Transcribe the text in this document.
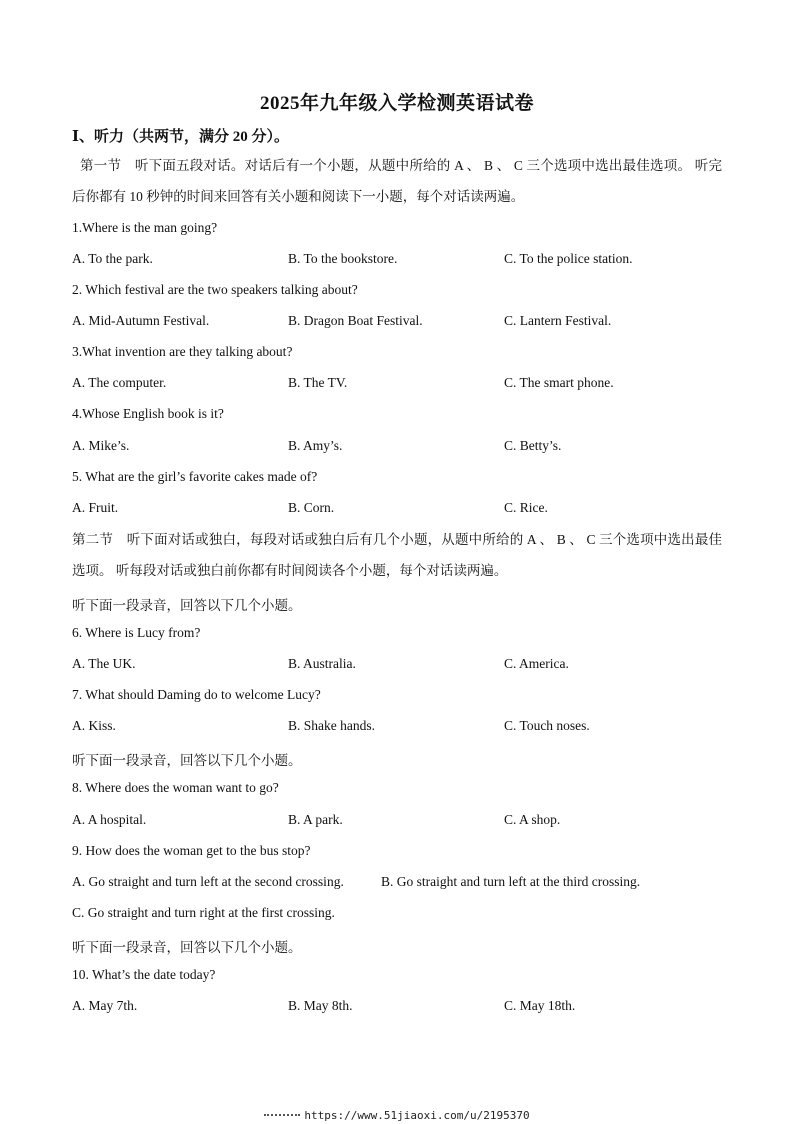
2025年九年级入学检测英语试卷
Ⅰ、听力（共两节，满分 20 分）。
第一节　听下面五段对话。对话后有一个小题，从题中所给的 A 、 B 、 C 三个选项中选出最佳选项。 听完后你都有 10 秒钟的时间来回答有关小题和阅读下一小题，每个对话读两遍。
1.Where is the man going?
A. To the park.	B. To the bookstore.	C. To the police station.
2. Which festival are the two speakers talking about?
A. Mid-Autumn Festival.	B. Dragon Boat Festival.	C. Lantern Festival.
3.What invention are they talking about?
A. The computer.	B. The TV.	C. The smart phone.
4.Whose English book is it?
A. Mike’s.	B. Amy’s.	C. Betty’s.
5. What are the girl’s favorite cakes made of?
A. Fruit.	B. Corn.	C. Rice.
第二节　听下面对话或独白，每段对话或独白后有几个小题，从题中所给的 A 、 B 、 C 三个选项中选出最佳选项。 听每段对话或独白前你都有时间阅读各个小题，每个对话读两遍。
听下面一段录音，回答以下几个小题。
6. Where is Lucy from?
A. The UK.	B. Australia.	C. America.
7. What should Daming do to welcome Lucy?
A. Kiss.	B. Shake hands.	C. Touch noses.
听下面一段录音，回答以下几个小题。
8. Where does the woman want to go?
A. A hospital.	B. A park.	C. A shop.
9. How does the woman get to the bus stop?
A. Go straight and turn left at the second crossing.	B. Go straight and turn left at the third crossing.
C. Go straight and turn right at the first crossing.
听下面一段录音，回答以下几个小题。
10. What’s the date today?
A. May 7th.	B. May 8th.	C. May 18th.
https://www.51jiaoxi.com/u/2195370
